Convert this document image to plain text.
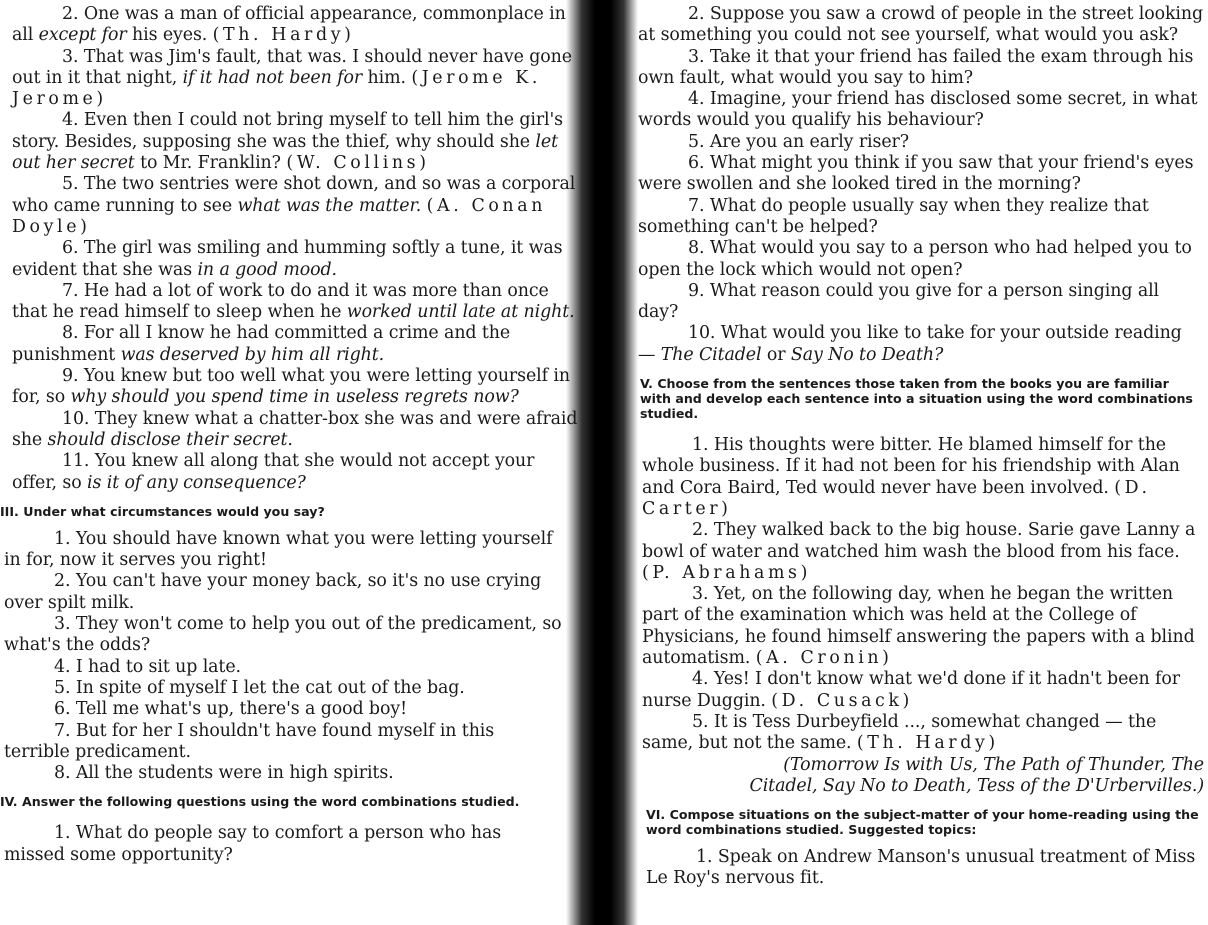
2. One was a man of official appearance, commonplace in all except for his eyes. (Th. Hardy)

3. That was Jim's fault, that was. I should never have gone out in it that night, if it had not been for him. (Jerome K. Jerome)

4. Even then I could not bring myself to tell him the girl's story. Besides, supposing she was the thief, why should she let out her secret to Mr. Franklin? (W. Collins)

5. The two sentries were shot down, and so was a corporal who came running to see what was the matter. (A. Conan Doyle)

6. The girl was smiling and humming softly a tune, it was evident that she was in a good mood.

7. He had a lot of work to do and it was more than once that he read himself to sleep when he worked until late at night.

8. For all I know he had committed a crime and the punishment was deserved by him all right.

9. You knew but too well what you were letting yourself in for, so why should you spend time in useless regrets now?

10. They knew what a chatter-box she was and were afraid she should disclose their secret.

11. You knew all along that she would not accept your offer, so is it of any consequence?

III. Under what circumstances would you say?

1. You should have known what you were letting yourself in for, now it serves you right!

2. You can't have your money back, so it's no use crying over spilt milk.

3. They won't come to help you out of the predicament, so what's the odds?

4. I had to sit up late.

5. In spite of myself I let the cat out of the bag.

6. Tell me what's up, there's a good boy!

7. But for her I shouldn't have found myself in this terrible predicament.

8. All the students were in high spirits.

IV. Answer the following questions using the word combinations studied.

1. What do people say to comfort a person who has missed some opportunity?

2. Suppose you saw a crowd of people in the street looking at something you could not see yourself, what would you ask?

3. Take it that your friend has failed the exam through his own fault, what would you say to him?

4. Imagine, your friend has disclosed some secret, in what words would you qualify his behaviour?

5. Are you an early riser?

6. What might you think if you saw that your friend's eyes were swollen and she looked tired in the morning?

7. What do people usually say when they realize that something can't be helped?

8. What would you say to a person who had helped you to open the lock which would not open?

9. What reason could you give for a person singing all day?

10. What would you like to take for your outside reading — The Citadel or Say No to Death?

V. Choose from the sentences those taken from the books you are familiar with and develop each sentence into a situation using the word combinations studied.

1. His thoughts were bitter. He blamed himself for the whole business. If it had not been for his friendship with Alan and Cora Baird, Ted would never have been involved. (D. Carter)

2. They walked back to the big house. Sarie gave Lanny a bowl of water and watched him wash the blood from his face. (P. Abrahams)

3. Yet, on the following day, when he began the written part of the examination which was held at the College of Physicians, he found himself answering the papers with a blind automatism. (A. Cronin)

4. Yes! I don't know what we'd done if it hadn't been for nurse Duggin. (D. Cusack)

5. It is Tess Durbeyfield ..., somewhat changed — the same, but not the same. (Th. Hardy)

(Tomorrow Is with Us, The Path of Thunder, The
Citadel, Say No to Death, Tess of the D'Urbervilles.)

VI. Compose situations on the subject-matter of your home-reading using the word combinations studied. Suggested topics:

1. Speak on Andrew Manson's unusual treatment of Miss Le Roy's nervous fit.
